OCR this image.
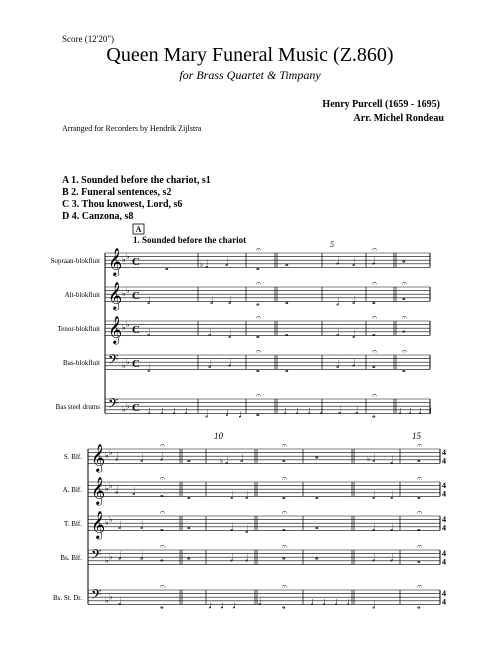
Score (12'20")
Queen Mary Funeral Music (Z.860)
for Brass Quartet & Timpany
Henry Purcell (1659 - 1695)
Arr. Michel Rondeau
Arranged for Recorders by Hendrik Zijlstra
A 1. Sounded before the chariot, s1
B 2. Funeral sentences, s2
C 3. Thou knowest, Lord, s6
D 4. Canzona, s8
A
1. Sounded before the chariot	5
10	15
Sopraan-blokfluit 𝄞 ♭ ♭ C	𝅝	𝅗𝅥
♭ 𝅗𝅥	𝅝
𝄐
𝅝	𝅗𝅥 𝅗𝅥 𝅗𝅥
𝄐
𝅝
Alt-blokfluit 𝄞 ♭ ♭ C 𝅗𝅥	𝅗𝅥 𝅗𝅥	𝅝
𝄐
𝅝	𝅗𝅥 𝅗𝅥 𝅝
𝄐
𝅝
𝄐
Tenor-blokfluit 𝄞 ♭ ♭ C 𝅗𝅥	𝅗𝅥 𝅗𝅥	𝅝
𝄐
𝅝	𝅗𝅥 𝅗𝅥 𝅝
𝄐
𝅝
𝄐
Bas-blokfluit 𝄢 ♭ ♭ C 𝅗𝅥	𝅗𝅥 𝅗𝅥	𝅝
𝄐
𝅝	𝅗𝅥 𝅗𝅥 𝅝
𝄐
𝅝
𝄐
Bas steel drums 𝄢 ♭ ♭ C ♩ ♩ ♩ ♩ 𝅗𝅥 ♩ ♩ 𝅝
𝄐
♩ ♩ ♩ ♩ 𝅗𝅥 𝅗𝅥 𝅝
𝄐
♩ ♩ ♩ ♩
S. Blf. 𝄞 ♭ ♭ 𝅗𝅥 𝅗𝅥 𝅗𝅥
𝄐
𝅝	𝅗𝅥
♭ 𝅗𝅥	𝅝
𝄐
𝅝	𝅗𝅥
♭ 𝅗𝅥	𝅝
𝄐
4
4
A. Blf. 𝄞 ♭ ♭ 𝅗𝅥 𝅗𝅥	𝅝
𝄐
𝅝	𝅗𝅥 𝅗𝅥	𝅝
𝄐
𝅝	𝅗𝅥 𝅗𝅥	𝅝
𝄐
4
4
T. Blf. 𝄞 ♭ ♭
𝅗𝅥 𝅗𝅥 𝅝
𝄐
𝅝	𝅗𝅥 𝅗𝅥	𝅝
𝄐
𝅝	𝅗𝅥 𝅗𝅥	𝅝
𝄐
4
4
Bs. Blf. 𝄢 ♭ ♭ 𝅗𝅥 𝅗𝅥 𝅝
𝄐
𝅝	𝅗𝅥 𝅗𝅥	𝅝
𝄐
𝅝	𝅗𝅥 𝅗𝅥	𝅝
𝄐
4
4
Bs. St. Dr. 𝄢 ♭ ♭ 𝅗𝅥	𝅝
𝄐
♩ ♩ ♩ 𝅗𝅥 𝅝
𝄐
♩ ♩ ♩ ♩ 𝅗𝅥	𝅝
𝄐
4
4
